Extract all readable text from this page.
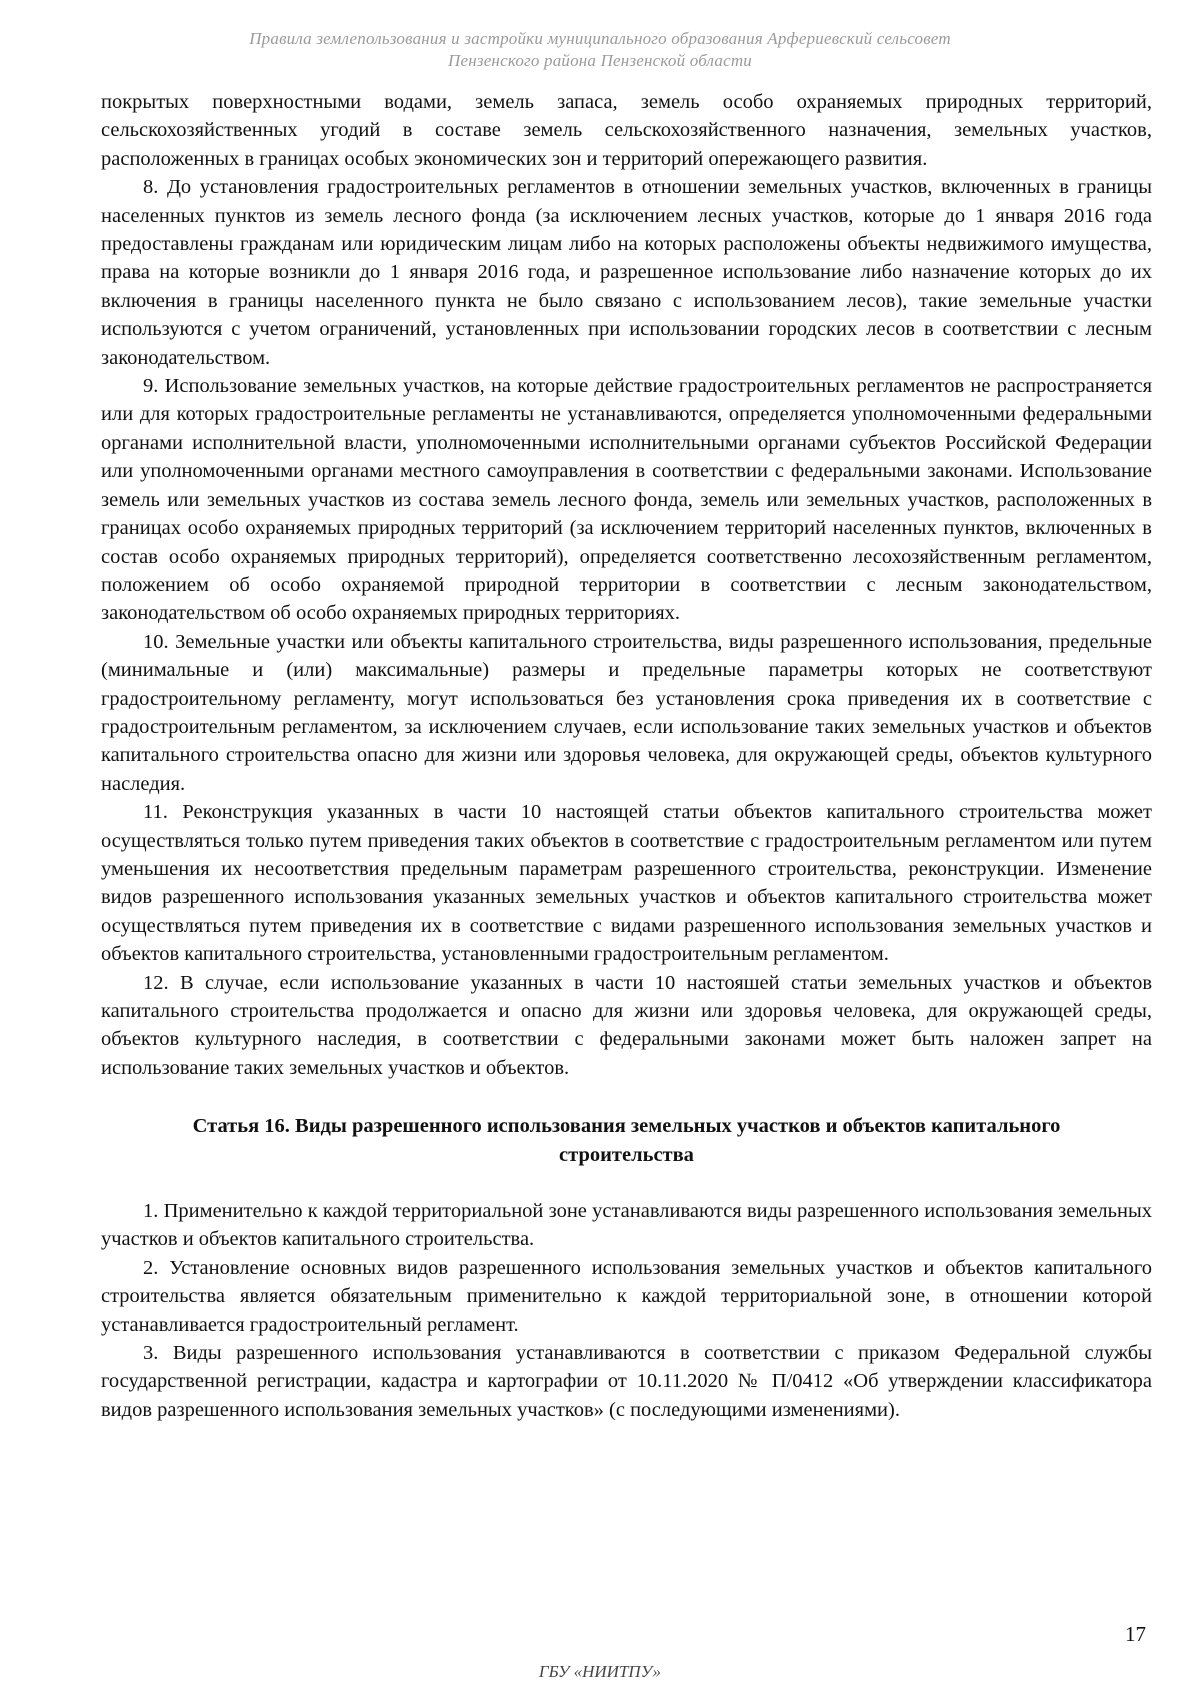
Правила землепользования и застройки муниципального образования Арфериевский сельсовет
Пензенского района Пензенской области

покрытых поверхностными водами, земель запаса, земель особо охраняемых природных территорий, сельскохозяйственных угодий в составе земель сельскохозяйственного назначения, земельных участков, расположенных в границах особых экономических зон и территорий опережающего развития.

8. До установления градостроительных регламентов в отношении земельных участков, включенных в границы населенных пунктов из земель лесного фонда (за исключением лесных участков, которые до 1 января 2016 года предоставлены гражданам или юридическим лицам либо на которых расположены объекты недвижимого имущества, права на которые возникли до 1 января 2016 года, и разрешенное использование либо назначение которых до их включения в границы населенного пункта не было связано с использованием лесов), такие земельные участки используются с учетом ограничений, установленных при использовании городских лесов в соответствии с лесным законодательством.

9. Использование земельных участков, на которые действие градостроительных регламентов не распространяется или для которых градостроительные регламенты не устанавливаются, определяется уполномоченными федеральными органами исполнительной власти, уполномоченными исполнительными органами субъектов Российской Федерации или уполномоченными органами местного самоуправления в соответствии с федеральными законами. Использование земель или земельных участков из состава земель лесного фонда, земель или земельных участков, расположенных в границах особо охраняемых природных территорий (за исключением территорий населенных пунктов, включенных в состав особо охраняемых природных территорий), определяется соответственно лесохозяйственным регламентом, положением об особо охраняемой природной территории в соответствии с лесным законодательством, законодательством об особо охраняемых природных территориях.

10. Земельные участки или объекты капитального строительства, виды разрешенного использования, предельные (минимальные и (или) максимальные) размеры и предельные параметры которых не соответствуют градостроительному регламенту, могут использоваться без установления срока приведения их в соответствие с градостроительным регламентом, за исключением случаев, если использование таких земельных участков и объектов капитального строительства опасно для жизни или здоровья человека, для окружающей среды, объектов культурного наследия.

11. Реконструкция указанных в части 10 настоящей статьи объектов капитального строительства может осуществляться только путем приведения таких объектов в соответствие с градостроительным регламентом или путем уменьшения их несоответствия предельным параметрам разрешенного строительства, реконструкции. Изменение видов разрешенного использования указанных земельных участков и объектов капитального строительства может осуществляться путем приведения их в соответствие с видами разрешенного использования земельных участков и объектов капитального строительства, установленными градостроительным регламентом.

12. В случае, если использование указанных в части 10 настояшей статьи земельных участков и объектов капитального строительства продолжается и опасно для жизни или здоровья человека, для окружающей среды, объектов культурного наследия, в соответствии с федеральными законами может быть наложен запрет на использование таких земельных участков и объектов.

Статья 16. Виды разрешенного использования земельных участков и объектов капитального строительства

1. Применительно к каждой территориальной зоне устанавливаются виды разрешенного использования земельных участков и объектов капитального строительства.

2. Установление основных видов разрешенного использования земельных участков и объектов капитального строительства является обязательным применительно к каждой территориальной зоне, в отношении которой устанавливается градостроительный регламент.

3. Виды разрешенного использования устанавливаются в соответствии с приказом Федеральной службы государственной регистрации, кадастра и картографии от 10.11.2020 № П/0412 «Об утверждении классификатора видов разрешенного использования земельных участков» (с последующими изменениями).

17
ГБУ «НИИТПУ»
